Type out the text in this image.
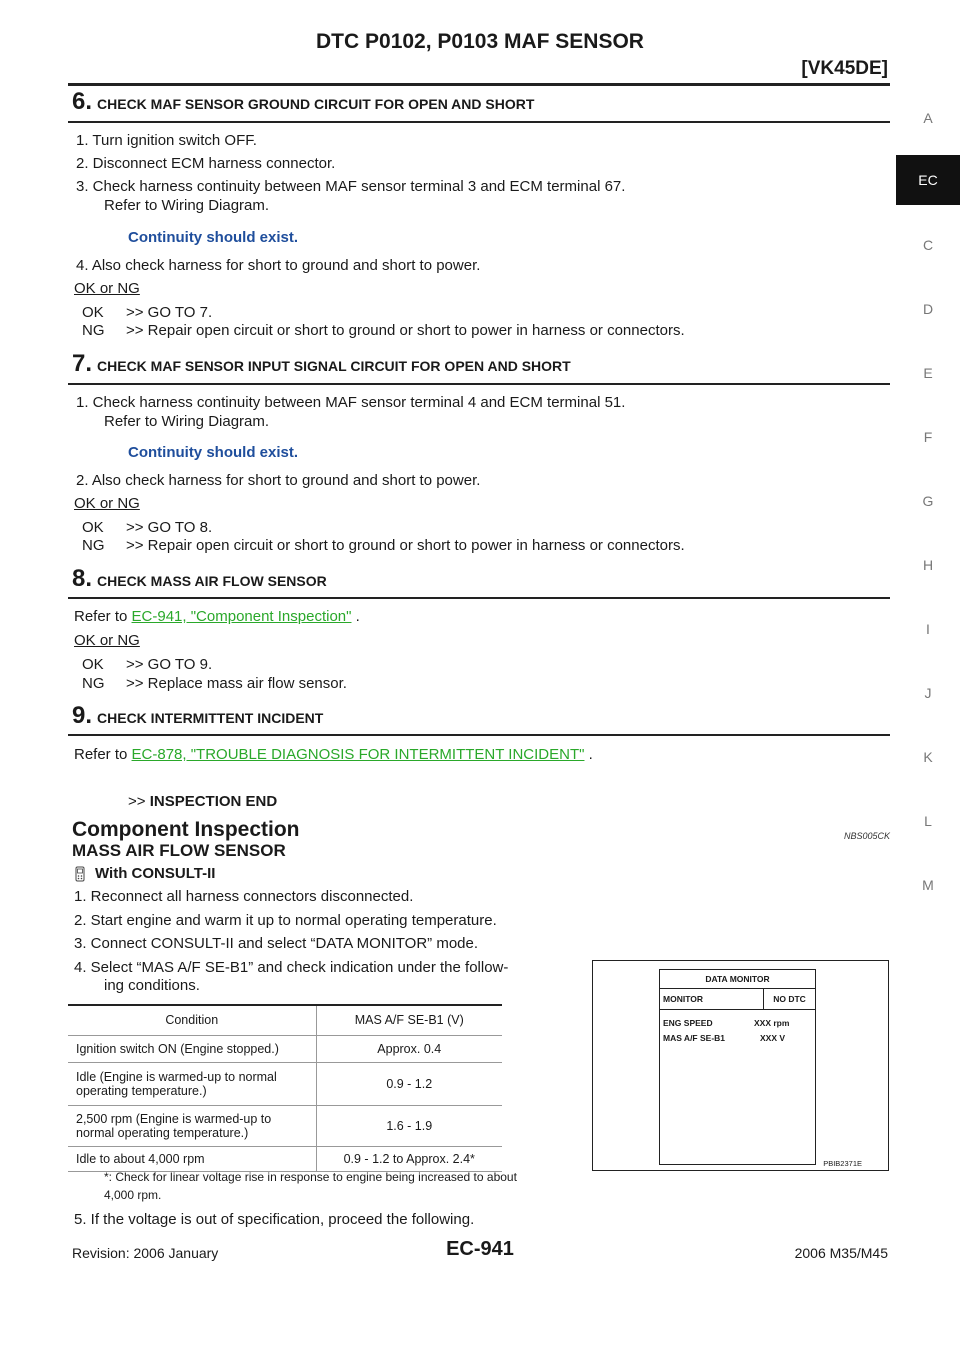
DTC P0102, P0103 MAF SENSOR
[VK45DE]
A
EC
C
D
E
F
G
H
I
J
K
L
M
6. CHECK MAF SENSOR GROUND CIRCUIT FOR OPEN AND SHORT
1. Turn ignition switch OFF.
2. Disconnect ECM harness connector.
3. Check harness continuity between MAF sensor terminal 3 and ECM terminal 67.
Refer to Wiring Diagram.
Continuity should exist.
4. Also check harness for short to ground and short to power.
OK or NG
OK >> GO TO 7.
NG >> Repair open circuit or short to ground or short to power in harness or connectors.
7. CHECK MAF SENSOR INPUT SIGNAL CIRCUIT FOR OPEN AND SHORT
1. Check harness continuity between MAF sensor terminal 4 and ECM terminal 51.
Refer to Wiring Diagram.
Continuity should exist.
2. Also check harness for short to ground and short to power.
OK or NG
OK >> GO TO 8.
NG >> Repair open circuit or short to ground or short to power in harness or connectors.
8. CHECK MASS AIR FLOW SENSOR
Refer to EC-941, "Component Inspection" .
OK or NG
OK >> GO TO 9.
NG >> Replace mass air flow sensor.
9. CHECK INTERMITTENT INCIDENT
Refer to EC-878, "TROUBLE DIAGNOSIS FOR INTERMITTENT INCIDENT" .
>> INSPECTION END
Component Inspection	NBS005CK
MASS AIR FLOW SENSOR
With CONSULT-II
1. Reconnect all harness connectors disconnected.
2. Start engine and warm it up to normal operating temperature.
3. Connect CONSULT-II and select “DATA MONITOR” mode.
4. Select “MAS A/F SE-B1” and check indication under the follow-
ing conditions.
Condition	MAS A/F SE-B1 (V)
Ignition switch ON (Engine stopped.)	Approx. 0.4
Idle (Engine is warmed-up to normal operating temperature.)	0.9 - 1.2
2,500 rpm (Engine is warmed-up to normal operating temperature.)	1.6 - 1.9
Idle to about 4,000 rpm	0.9 - 1.2 to Approx. 2.4*
*: Check for linear voltage rise in response to engine being increased to about
4,000 rpm.
5. If the voltage is out of specification, proceed the following.
DATA MONITOR
MONITOR	NO DTC
ENG SPEED	XXX rpm
MAS A/F SE-B1	XXX V
PBIB2371E
Revision: 2006 January	EC-941	2006 M35/M45
